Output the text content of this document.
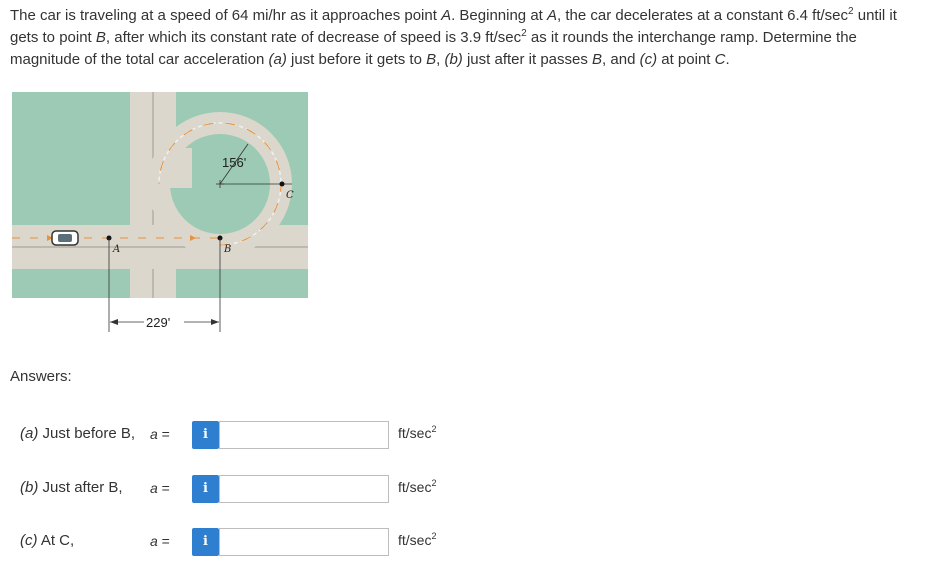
The car is traveling at a speed of 64 mi/hr as it approaches point A. Beginning at A, the car decelerates at a constant 6.4 $ft/\sec^2$ until it gets to point B, after which its constant rate of decrease of speed is 3.9 $ft/\sec^2$ as it rounds the interchange ramp. Determine the magnitude of the total car acceleration (a) just before it gets to B, (b) just after it passes B, and (c) at point C.
156'
A	B
C
229'
Answers:
(a) Just before B, a =	i	$ft/\sec^2$
(b) Just after B, a =	i	$ft/\sec^2$
(c) At C,	a =	i	$ft/\sec^2$
